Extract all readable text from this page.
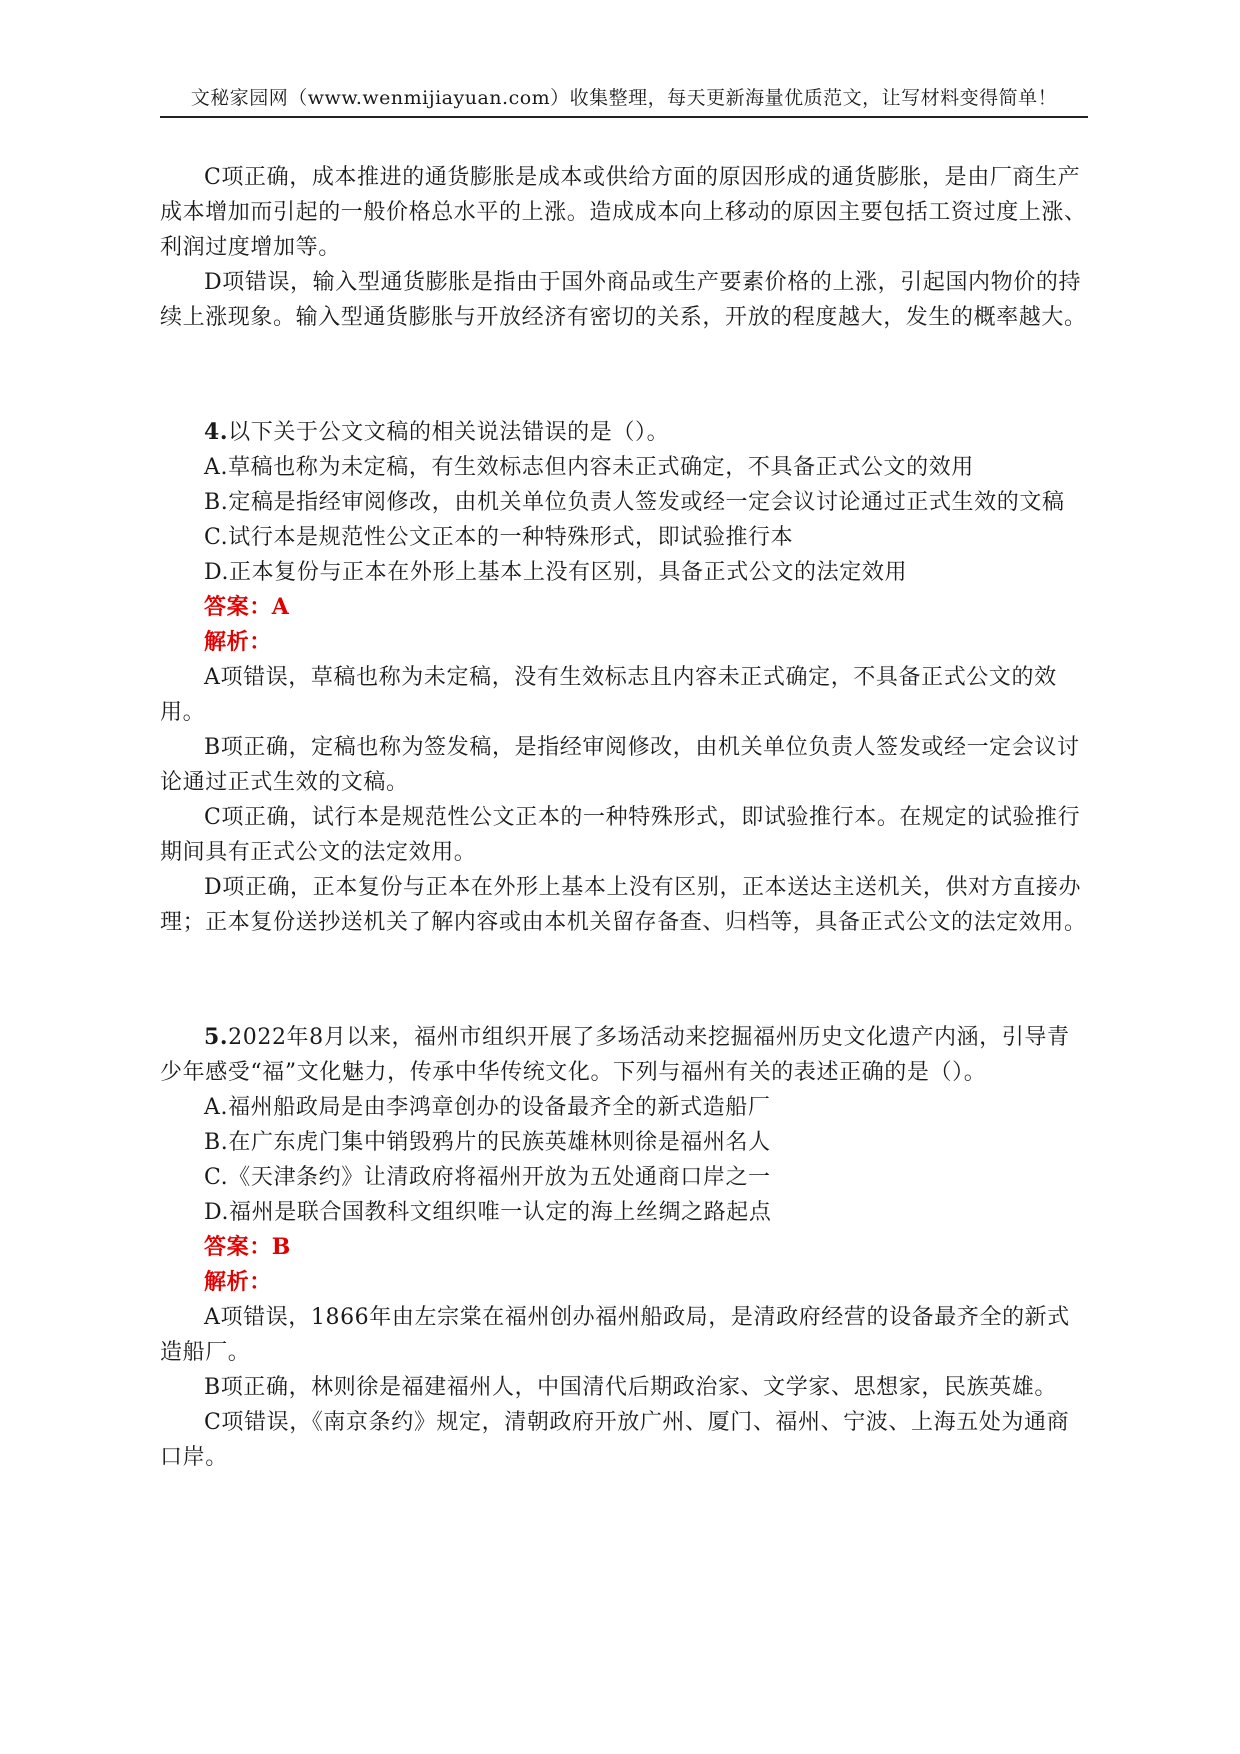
文秘家园网（www.wenmijiayuan.com）收集整理，每天更新海量优质范文，让写材料变得简单！

C项正确，成本推进的通货膨胀是成本或供给方面的原因形成的通货膨胀，是由厂商生产成本增加而引起的一般价格总水平的上涨。造成成本向上移动的原因主要包括工资过度上涨、利润过度增加等。

D项错误，输入型通货膨胀是指由于国外商品或生产要素价格的上涨，引起国内物价的持续上涨现象。输入型通货膨胀与开放经济有密切的关系，开放的程度越大，发生的概率越大。

4.以下关于公文文稿的相关说法错误的是（）。

A.草稿也称为未定稿，有生效标志但内容未正式确定，不具备正式公文的效用

B.定稿是指经审阅修改，由机关单位负责人签发或经一定会议讨论通过正式生效的文稿

C.试行本是规范性公文正本的一种特殊形式，即试验推行本

D.正本复份与正本在外形上基本上没有区别，具备正式公文的法定效用

答案：A

解析：

A项错误，草稿也称为未定稿，没有生效标志且内容未正式确定，不具备正式公文的效用。

B项正确，定稿也称为签发稿，是指经审阅修改，由机关单位负责人签发或经一定会议讨论通过正式生效的文稿。

C项正确，试行本是规范性公文正本的一种特殊形式，即试验推行本。在规定的试验推行期间具有正式公文的法定效用。

D项正确，正本复份与正本在外形上基本上没有区别，正本送达主送机关，供对方直接办理；正本复份送抄送机关了解内容或由本机关留存备查、归档等，具备正式公文的法定效用。

5.2022年8月以来，福州市组织开展了多场活动来挖掘福州历史文化遗产内涵，引导青少年感受“福”文化魅力，传承中华传统文化。下列与福州有关的表述正确的是（）。

A.福州船政局是由李鸿章创办的设备最齐全的新式造船厂

B.在广东虎门集中销毁鸦片的民族英雄林则徐是福州名人

C.《天津条约》让清政府将福州开放为五处通商口岸之一

D.福州是联合国教科文组织唯一认定的海上丝绸之路起点

答案：B

解析：

A项错误，1866年由左宗棠在福州创办福州船政局，是清政府经营的设备最齐全的新式造船厂。

B项正确，林则徐是福建福州人，中国清代后期政治家、文学家、思想家，民族英雄。

C项错误，《南京条约》规定，清朝政府开放广州、厦门、福州、宁波、上海五处为通商口岸。
